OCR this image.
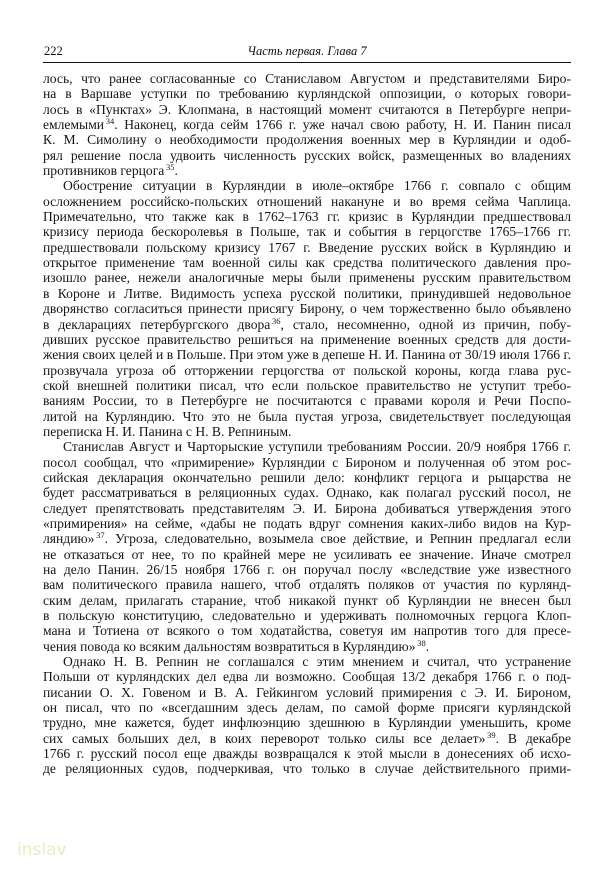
222	Часть первая. Глава 7
лось, что ранее согласованные со Станиславом Августом и представителями Биро-
на в Варшаве уступки по требованию курляндской оппозиции, о которых говори-
лось в «Пунктах» Э. Клопмана, в настоящий момент считаются в Петербурге непри-
емлемыми $^{34}$. Наконец, когда сейм 1766 г. уже начал свою работу, Н. И. Панин писал
К. М. Симолину о необходимости продолжения военных мер в Курляндии и одоб-
рял решение посла удвоить численность русских войск, размещенных во владениях
противников герцога $^{35}$.
Обострение ситуации в Курляндии в июле–октябре 1766 г. совпало с общим
осложнением российско-польских отношений накануне и во время сейма Чаплица.
Примечательно, что также как в 1762–1763 гг. кризис в Курляндии предшествовал
кризису периода бескоролевья в Польше, так и события в герцогстве 1765–1766 гг.
предшествовали польскому кризису 1767 г. Введение русских войск в Курляндию и
открытое применение там военной силы как средства политического давления про-
изошло ранее, нежели аналогичные меры были применены русским правительством
в Короне и Литве. Видимость успеха русской политики, принудившей недовольное
дворянство согласиться принести присягу Бирону, о чем торжественно было объявлено
в декларациях петербургского двора $^{36}$, стало, несомненно, одной из причин, побу-
дивших русское правительство решиться на применение военных средств для дости-
жения своих целей и в Польше. При этом уже в депеше Н. И. Панина от 30/19 июля 1766 г.
прозвучала угроза об отторжении герцогства от польской короны, когда глава рус-
ской внешней политики писал, что если польское правительство не уступит требо-
ваниям России, то в Петербурге не посчитаются с правами короля и Речи Поспо-
литой на Курляндию. Что это не была пустая угроза, свидетельствует последующая
переписка Н. И. Панина с Н. В. Репниным.
Станислав Август и Чарторыские уступили требованиям России. 20/9 ноября 1766 г.
посол сообщал, что «примирение» Курляндии с Бироном и полученная об этом рос-
сийская декларация окончательно решили дело: конфликт герцога и рыцарства не
будет рассматриваться в реляционных судах. Однако, как полагал русский посол, не
следует препятствовать представителям Э. И. Бирона добиваться утверждения этого
«примирения» на сейме, «дабы не подать вдруг сомнения каких-либо видов на Кур-
ляндию» $^{37}$. Угроза, следовательно, возымела свое действие, и Репнин предлагал если
не отказаться от нее, то по крайней мере не усиливать ее значение. Иначе смотрел
на дело Панин. 26/15 ноября 1766 г. он поручал послу «вследствие уже известного
вам политического правила нашего, чтоб отдалять поляков от участия по курлянд-
ским делам, прилагать старание, чтоб никакой пункт об Курляндии не внесен был
в польскую конституцию, следовательно и удерживать полномочных герцога Клоп-
мана и Тотиена от всякого о том ходатайства, советуя им напротив того для пресе-
чения повода ко всяким дальностям возвратиться в Курляндию» $^{38}$.
Однако Н. В. Репнин не соглашался с этим мнением и считал, что устранение
Польши от курляндских дел едва ли возможно. Сообщая 13/2 декабря 1766 г. о под-
писании О. Х. Говеном и В. А. Гейкингом условий примирения с Э. И. Бироном,
он писал, что по «всегдашним здесь делам, по самой форме присяги курляндской
трудно, мне кажется, будет инфлюэнцию здешнюю в Курляндии уменьшить, кроме
сих самых больших дел, в коих переворот только силы все делает» $^{39}$. В декабре
1766 г. русский посол еще дважды возвращался к этой мысли в донесениях об исхо-
де реляционных судов, подчеркивая, что только в случае действительного прими-
inslav
